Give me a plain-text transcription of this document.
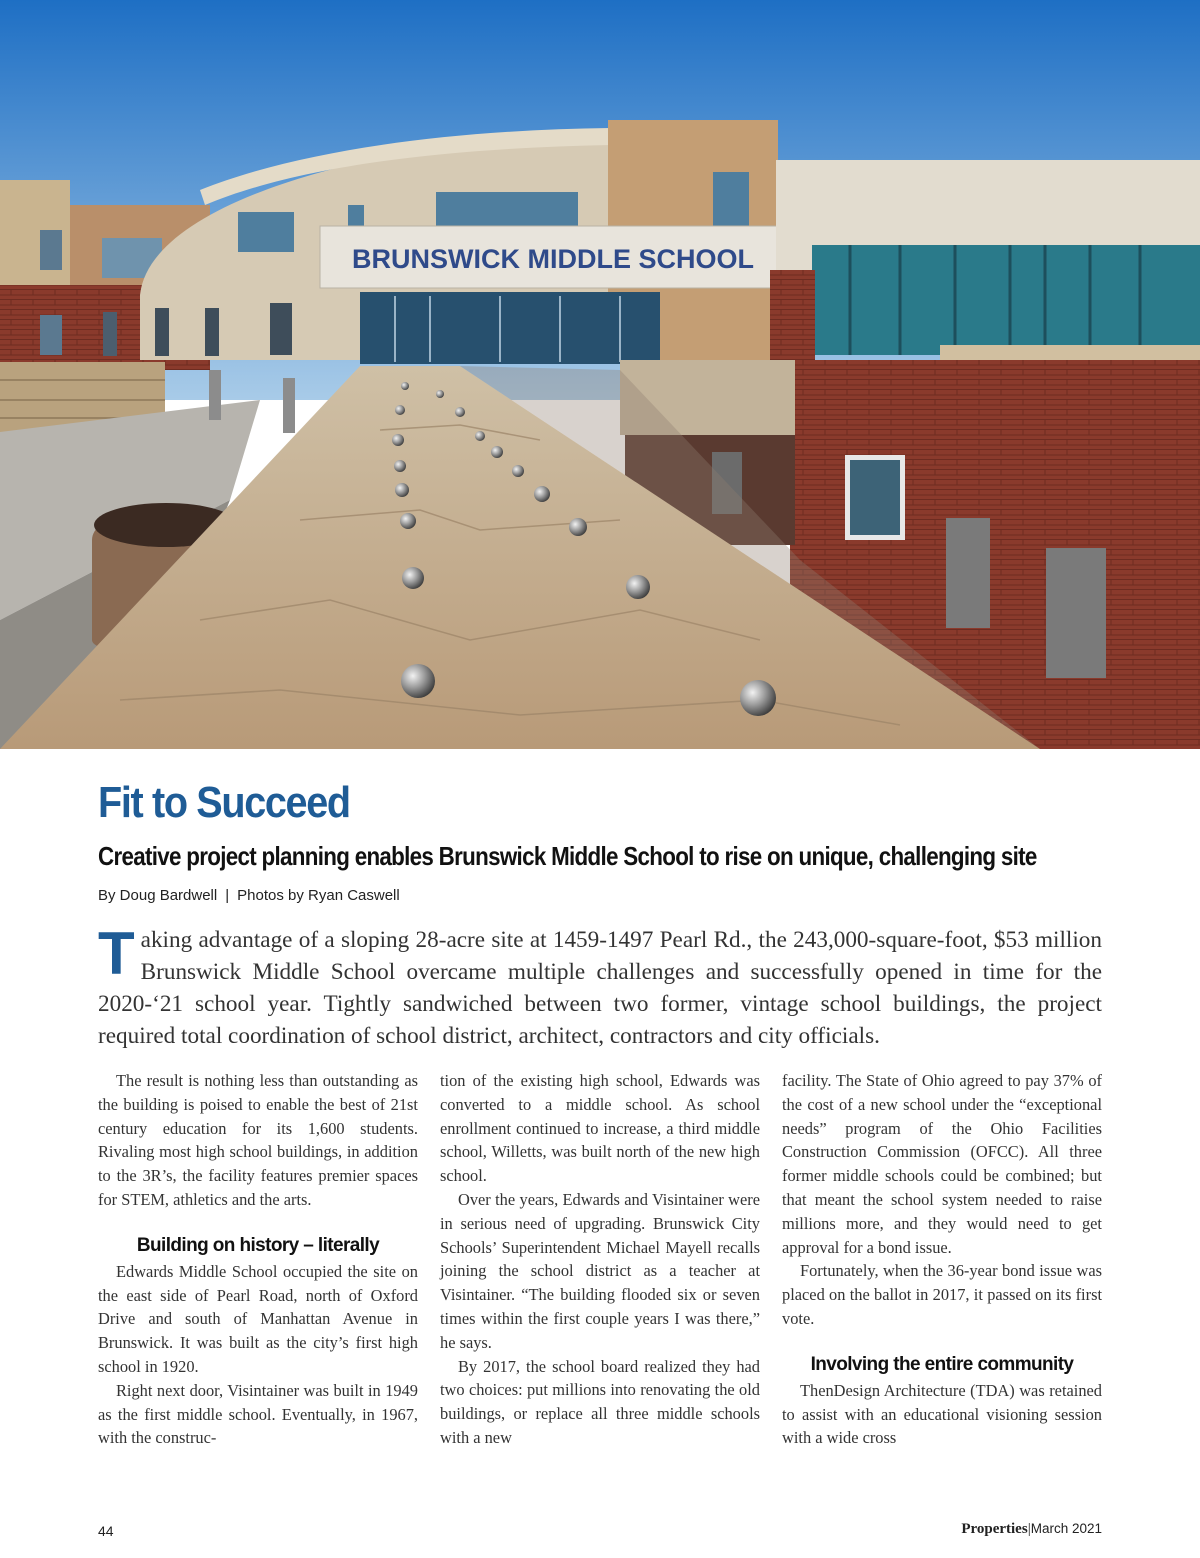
BRUNSWICK MIDDLE SCHOOL
Fit to Succeed
Creative project planning enables Brunswick Middle School to rise on unique, challenging site
By Doug Bardwell | Photos by Ryan Caswell

Taking advantage of a sloping 28-acre site at 1459-1497 Pearl Rd., the 243,000-square-foot, $53 million Brunswick Middle School overcame multiple challenges and successfully opened in time for the 2020-‘21 school year. Tightly sandwiched between two former, vintage school buildings, the project required total coordination of school district, architect, contractors and city officials.

The result is nothing less than outstanding as the building is poised to enable the best of 21st century education for its 1,600 students. Rivaling most high school buildings, in addition to the 3R’s, the facility features premier spaces for STEM, athletics and the arts.

Building on history – literally

Edwards Middle School occupied the site on the east side of Pearl Road, north of Oxford Drive and south of Manhattan Avenue in Brunswick. It was built as the city’s first high school in 1920.

Right next door, Visintainer was built in 1949 as the first middle school. Eventually, in 1967, with the construc-

tion of the existing high school, Edwards was converted to a middle school. As school enrollment continued to increase, a third middle school, Willetts, was built north of the new high school.

Over the years, Edwards and Visintainer were in serious need of upgrading. Brunswick City Schools’ Superintendent Michael Mayell recalls joining the school district as a teacher at Visintainer. “The building flooded six or seven times within the first couple years I was there,” he says.

By 2017, the school board realized they had two choices: put millions into renovating the old buildings, or replace all three middle schools with a new

facility. The State of Ohio agreed to pay 37% of the cost of a new school under the “exceptional needs” program of the Ohio Facilities Construction Commission (OFCC). All three former middle schools could be combined; but that meant the school system needed to raise millions more, and they would need to get approval for a bond issue.

Fortunately, when the 36-year bond issue was placed on the ballot in 2017, it passed on its first vote.

Involving the entire community

ThenDesign Architecture (TDA) was retained to assist with an educational visioning session with a wide cross

44	Properties|March 2021
